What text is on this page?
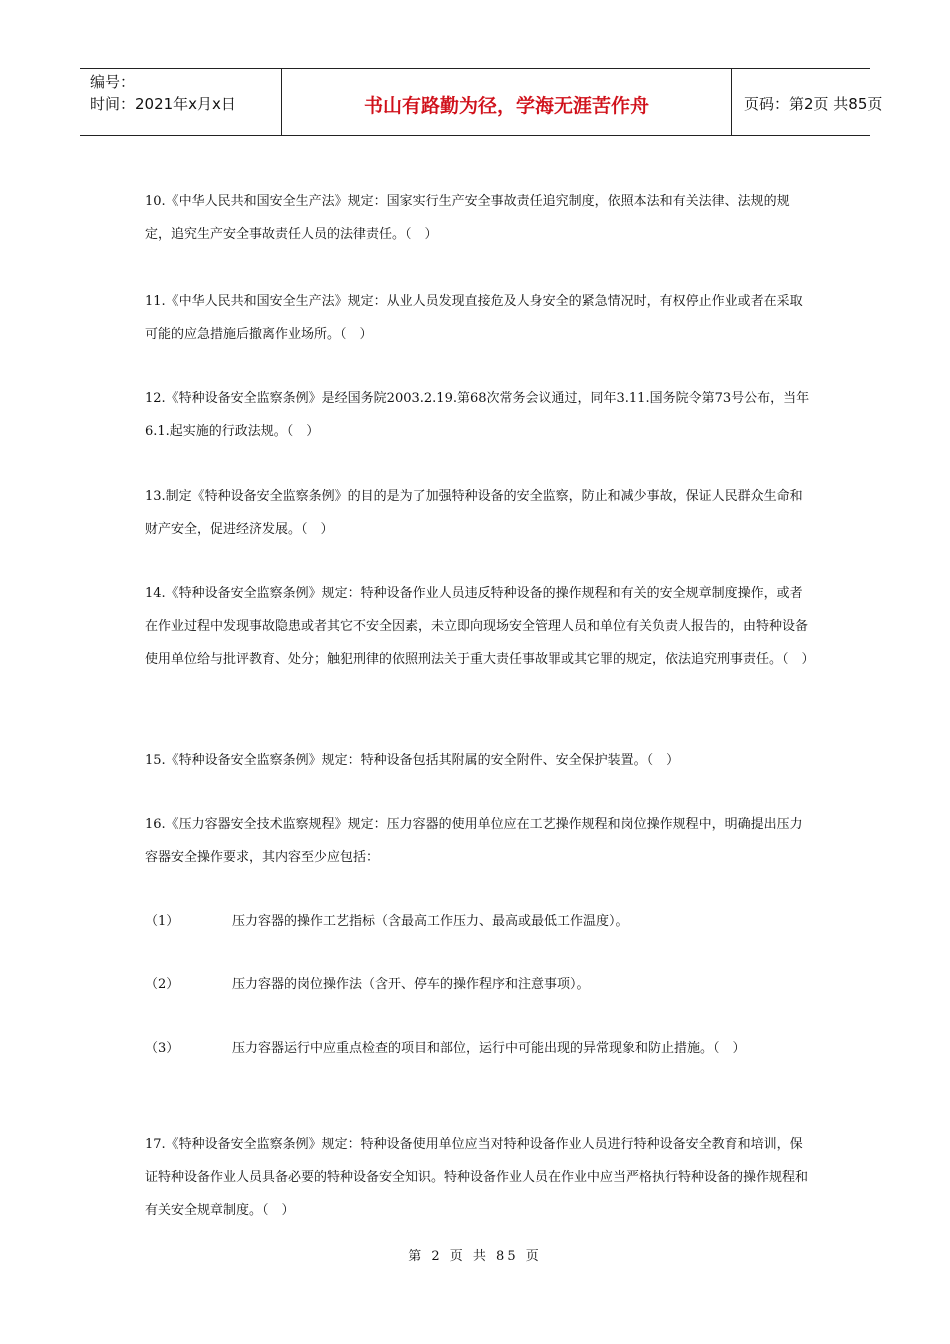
编号：
时间：2021年x月x日	书山有路勤为径，学海无涯苦作舟	页码：第2页 共85页
10.《中华人民共和国安全生产法》规定：国家实行生产安全事故责任追究制度，依照本法和有关法律、法规的规定，追究生产安全事故责任人员的法律责任。（　）
11.《中华人民共和国安全生产法》规定：从业人员发现直接危及人身安全的紧急情况时，有权停止作业或者在采取可能的应急措施后撤离作业场所。（　）
12.《特种设备安全监察条例》是经国务院2003.2.19.第68次常务会议通过，同年3.11.国务院令第73号公布，当年6.1.起实施的行政法规。（　）
13.制定《特种设备安全监察条例》的目的是为了加强特种设备的安全监察，防止和减少事故，保证人民群众生命和财产安全，促进经济发展。（　）
14.《特种设备安全监察条例》规定：特种设备作业人员违反特种设备的操作规程和有关的安全规章制度操作，或者在作业过程中发现事故隐患或者其它不安全因素，未立即向现场安全管理人员和单位有关负责人报告的，由特种设备使用单位给与批评教育、处分；触犯刑律的依照刑法关于重大责任事故罪或其它罪的规定，依法追究刑事责任。（　）
15.《特种设备安全监察条例》规定：特种设备包括其附属的安全附件、安全保护装置。（　）
16.《压力容器安全技术监察规程》规定：压力容器的使用单位应在工艺操作规程和岗位操作规程中，明确提出压力容器安全操作要求，其内容至少应包括：
（1）	压力容器的操作工艺指标（含最高工作压力、最高或最低工作温度）。
（2）	压力容器的岗位操作法（含开、停车的操作程序和注意事项）。
（3）	压力容器运行中应重点检查的项目和部位，运行中可能出现的异常现象和防止措施。（　）
17.《特种设备安全监察条例》规定：特种设备使用单位应当对特种设备作业人员进行特种设备安全教育和培训，保证特种设备作业人员具备必要的特种设备安全知识。特种设备作业人员在作业中应当严格执行特种设备的操作规程和有关安全规章制度。（　）
第 2 页 共 85 页
